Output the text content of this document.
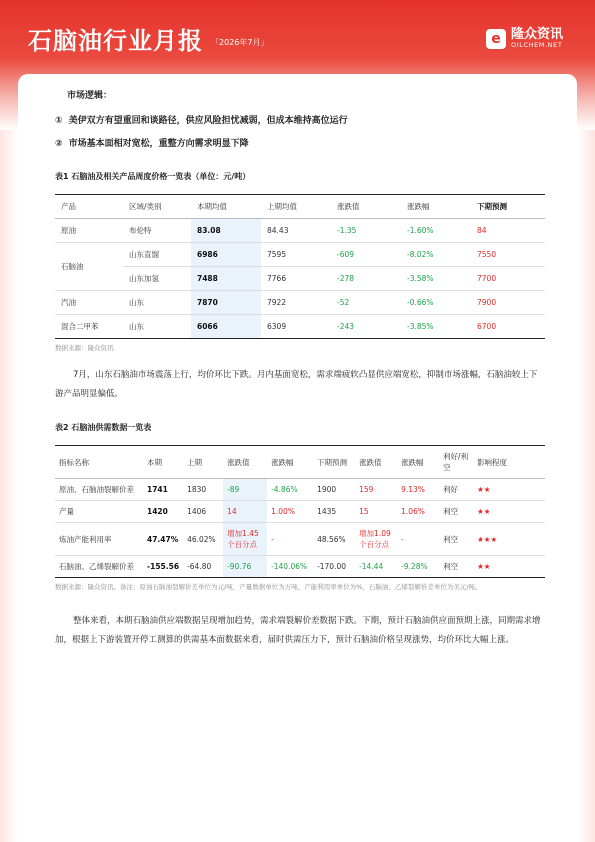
石脑油行业月报 「2026年7月」	e 隆众资讯
OILCHEM.NET
市场逻辑：
① 美伊双方有望重回和谈路径，供应风险担忧减弱，但成本维持高位运行
② 市场基本面相对宽松，重整方向需求明显下降
表1 石脑油及相关产品周度价格一览表（单位：元/吨）
产品	区域/类别	本期均值	上期均值	涨跌值	涨跌幅	下期预测
原油	布伦特	83.08	84.43	-1.35	-1.60%	84
石脑油	山东直馏	6986	7595	-609	-8.02%	7550
	山东加氢	7488	7766	-278	-3.58%	7700
汽油	山东	7870	7922	-52	-0.66%	7900
混合二甲苯	山东	6066	6309	-243	-3.85%	6700
数据来源：隆众资讯
7月，山东石脑油市场震荡上行，均价环比下跌。月内基面宽松，需求端疲软凸显供应端宽松，抑制市场涨幅，石脑油较上下游产品明显偏低。
表2 石脑油供需数据一览表
指标名称	本期	上期	涨跌值	涨跌幅	下期预测	涨跌值	涨跌幅	利好/利空	影响程度
原油、石脑油裂解价差	1741	1830	-89	-4.86%	1900	159	9.13%	利好	★★
产量	1420	1406	14	1.00%	1435	15	1.06%	利空	★★
炼油产能利用率	47.47%	46.02%	增加1.45个百分点	-	48.56%	增加1.09个百分点	-	利空	★★★
石脑油、乙烯裂解价差	-155.56	-64.80	-90.76	-140.06%	-170.00	-14.44	-9.28%	利空	★★
数据来源：隆众资讯。备注：原油石脑油裂解价差单位为元/吨，产量数据单位为万吨，产能利用率单位为%，石脑油、乙烯裂解价差单位为美元/吨。
整体来看，本期石脑油供应端数据呈现增加趋势，需求端裂解价差数据下跌。下期，预计石脑油供应面预期上涨，同期需求增加，根据上下游装置开停工测算的供需基本面数据来看，届时供需压力下，预计石脑油价格呈现涨势，均价环比大幅上涨。
